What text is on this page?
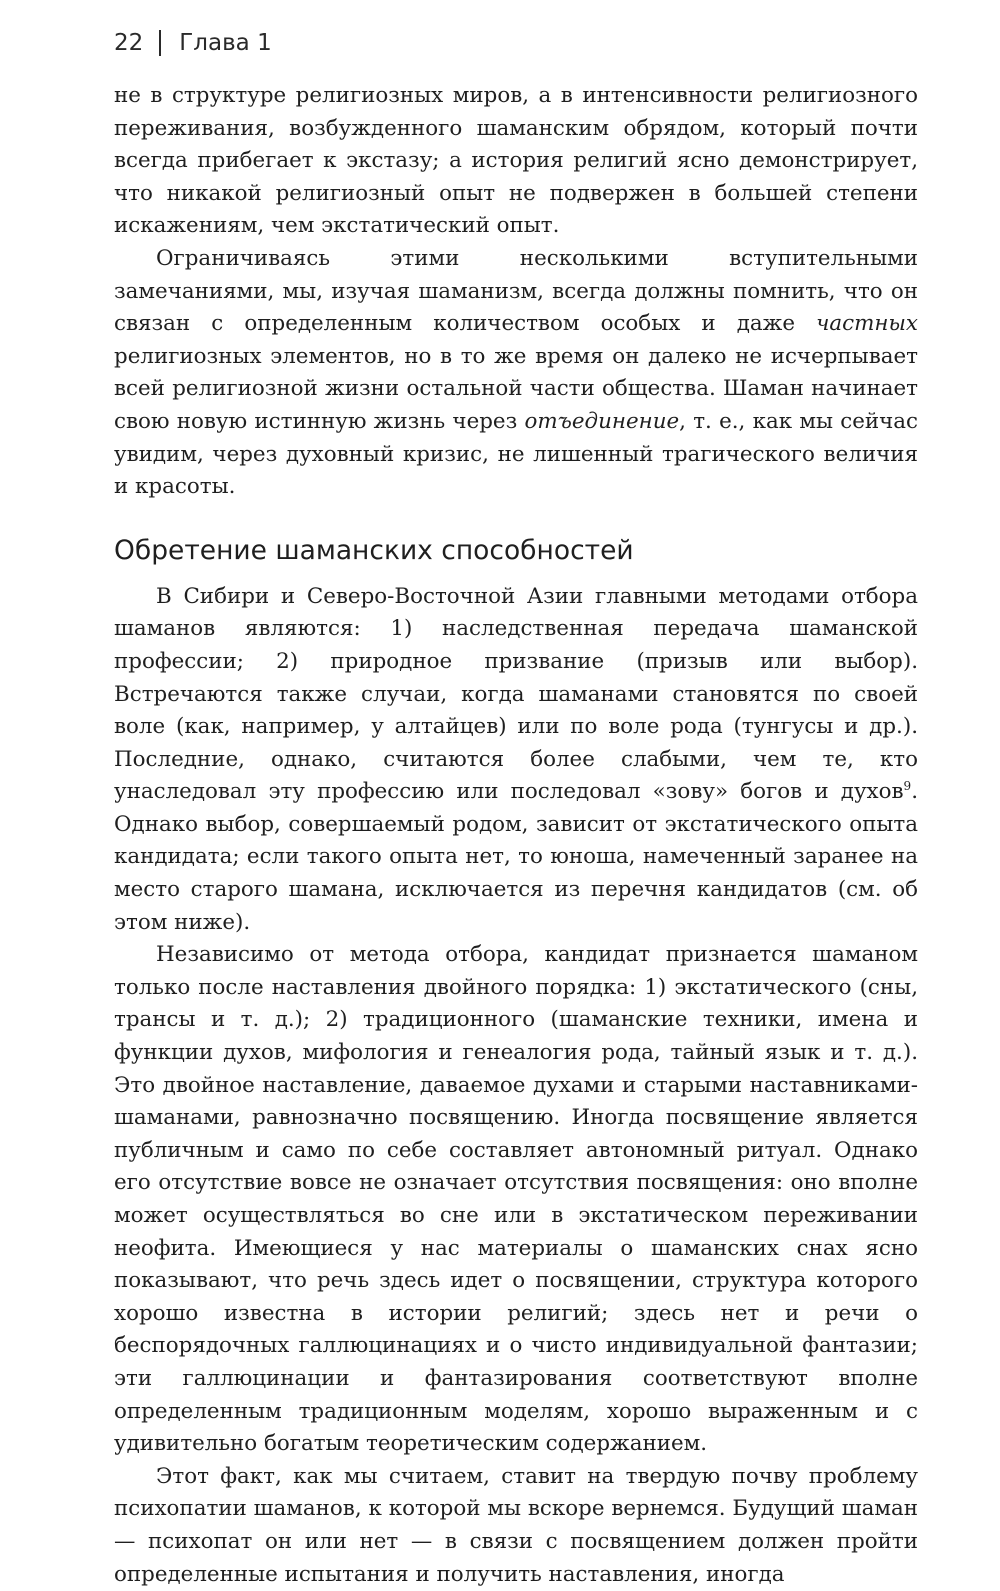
22 Глава 1

не в структуре религиозных миров, а в интенсивности религиозного переживания, возбужденного шаманским обрядом, который почти всегда прибегает к экстазу; а история религий ясно демонстрирует, что никакой религиозный опыт не подвержен в большей степени искажениям, чем экстатический опыт.

Ограничиваясь этими несколькими вступительными замечаниями, мы, изучая шаманизм, всегда должны помнить, что он связан с определенным количеством особых и даже частных религиозных элементов, но в то же время он далеко не исчерпывает всей религиозной жизни остальной части общества. Шаман начинает свою новую истинную жизнь через отъединение, т. е., как мы сейчас увидим, через духовный кризис, не лишенный трагического величия и красоты.

Обретение шаманских способностей

В Сибири и Северо-Восточной Азии главными методами отбора шаманов являются: 1) наследственная передача шаманской профессии; 2) природное призвание (призыв или выбор). Встречаются также случаи, когда шаманами становятся по своей воле (как, например, у алтайцев) или по воле рода (тунгусы и др.). Последние, однако, считаются более слабыми, чем те, кто унаследовал эту профессию или последовал «зову» богов и духов$^9$. Однако выбор, совершаемый родом, зависит от экстатического опыта кандидата; если такого опыта нет, то юноша, намеченный заранее на место старого шамана, исключается из перечня кандидатов (см. об этом ниже).

Независимо от метода отбора, кандидат признается шаманом только после наставления двойного порядка: 1) экстатического (сны, трансы и т. д.); 2) традиционного (шаманские техники, имена и функции духов, мифология и генеалогия рода, тайный язык и т. д.). Это двойное наставление, даваемое духами и старыми наставниками-шаманами, равнозначно посвящению. Иногда посвящение является публичным и само по себе составляет автономный ритуал. Однако его отсутствие вовсе не означает отсутствия посвящения: оно вполне может осуществляться во сне или в экстатическом переживании неофита. Имеющиеся у нас материалы о шаманских снах ясно показывают, что речь здесь идет о посвящении, структура которого хорошо известна в истории религий; здесь нет и речи о беспорядочных галлюцинациях и о чисто индивидуальной фантазии; эти галлюцинации и фантазирования соответствуют вполне определенным традиционным моделям, хорошо выраженным и с удивительно богатым теоретическим содержанием.

Этот факт, как мы считаем, ставит на твердую почву проблему психопатии шаманов, к которой мы вскоре вернемся. Будущий шаман — психопат он или нет — в связи с посвящением должен пройти определенные испытания и получить наставления, иногда
